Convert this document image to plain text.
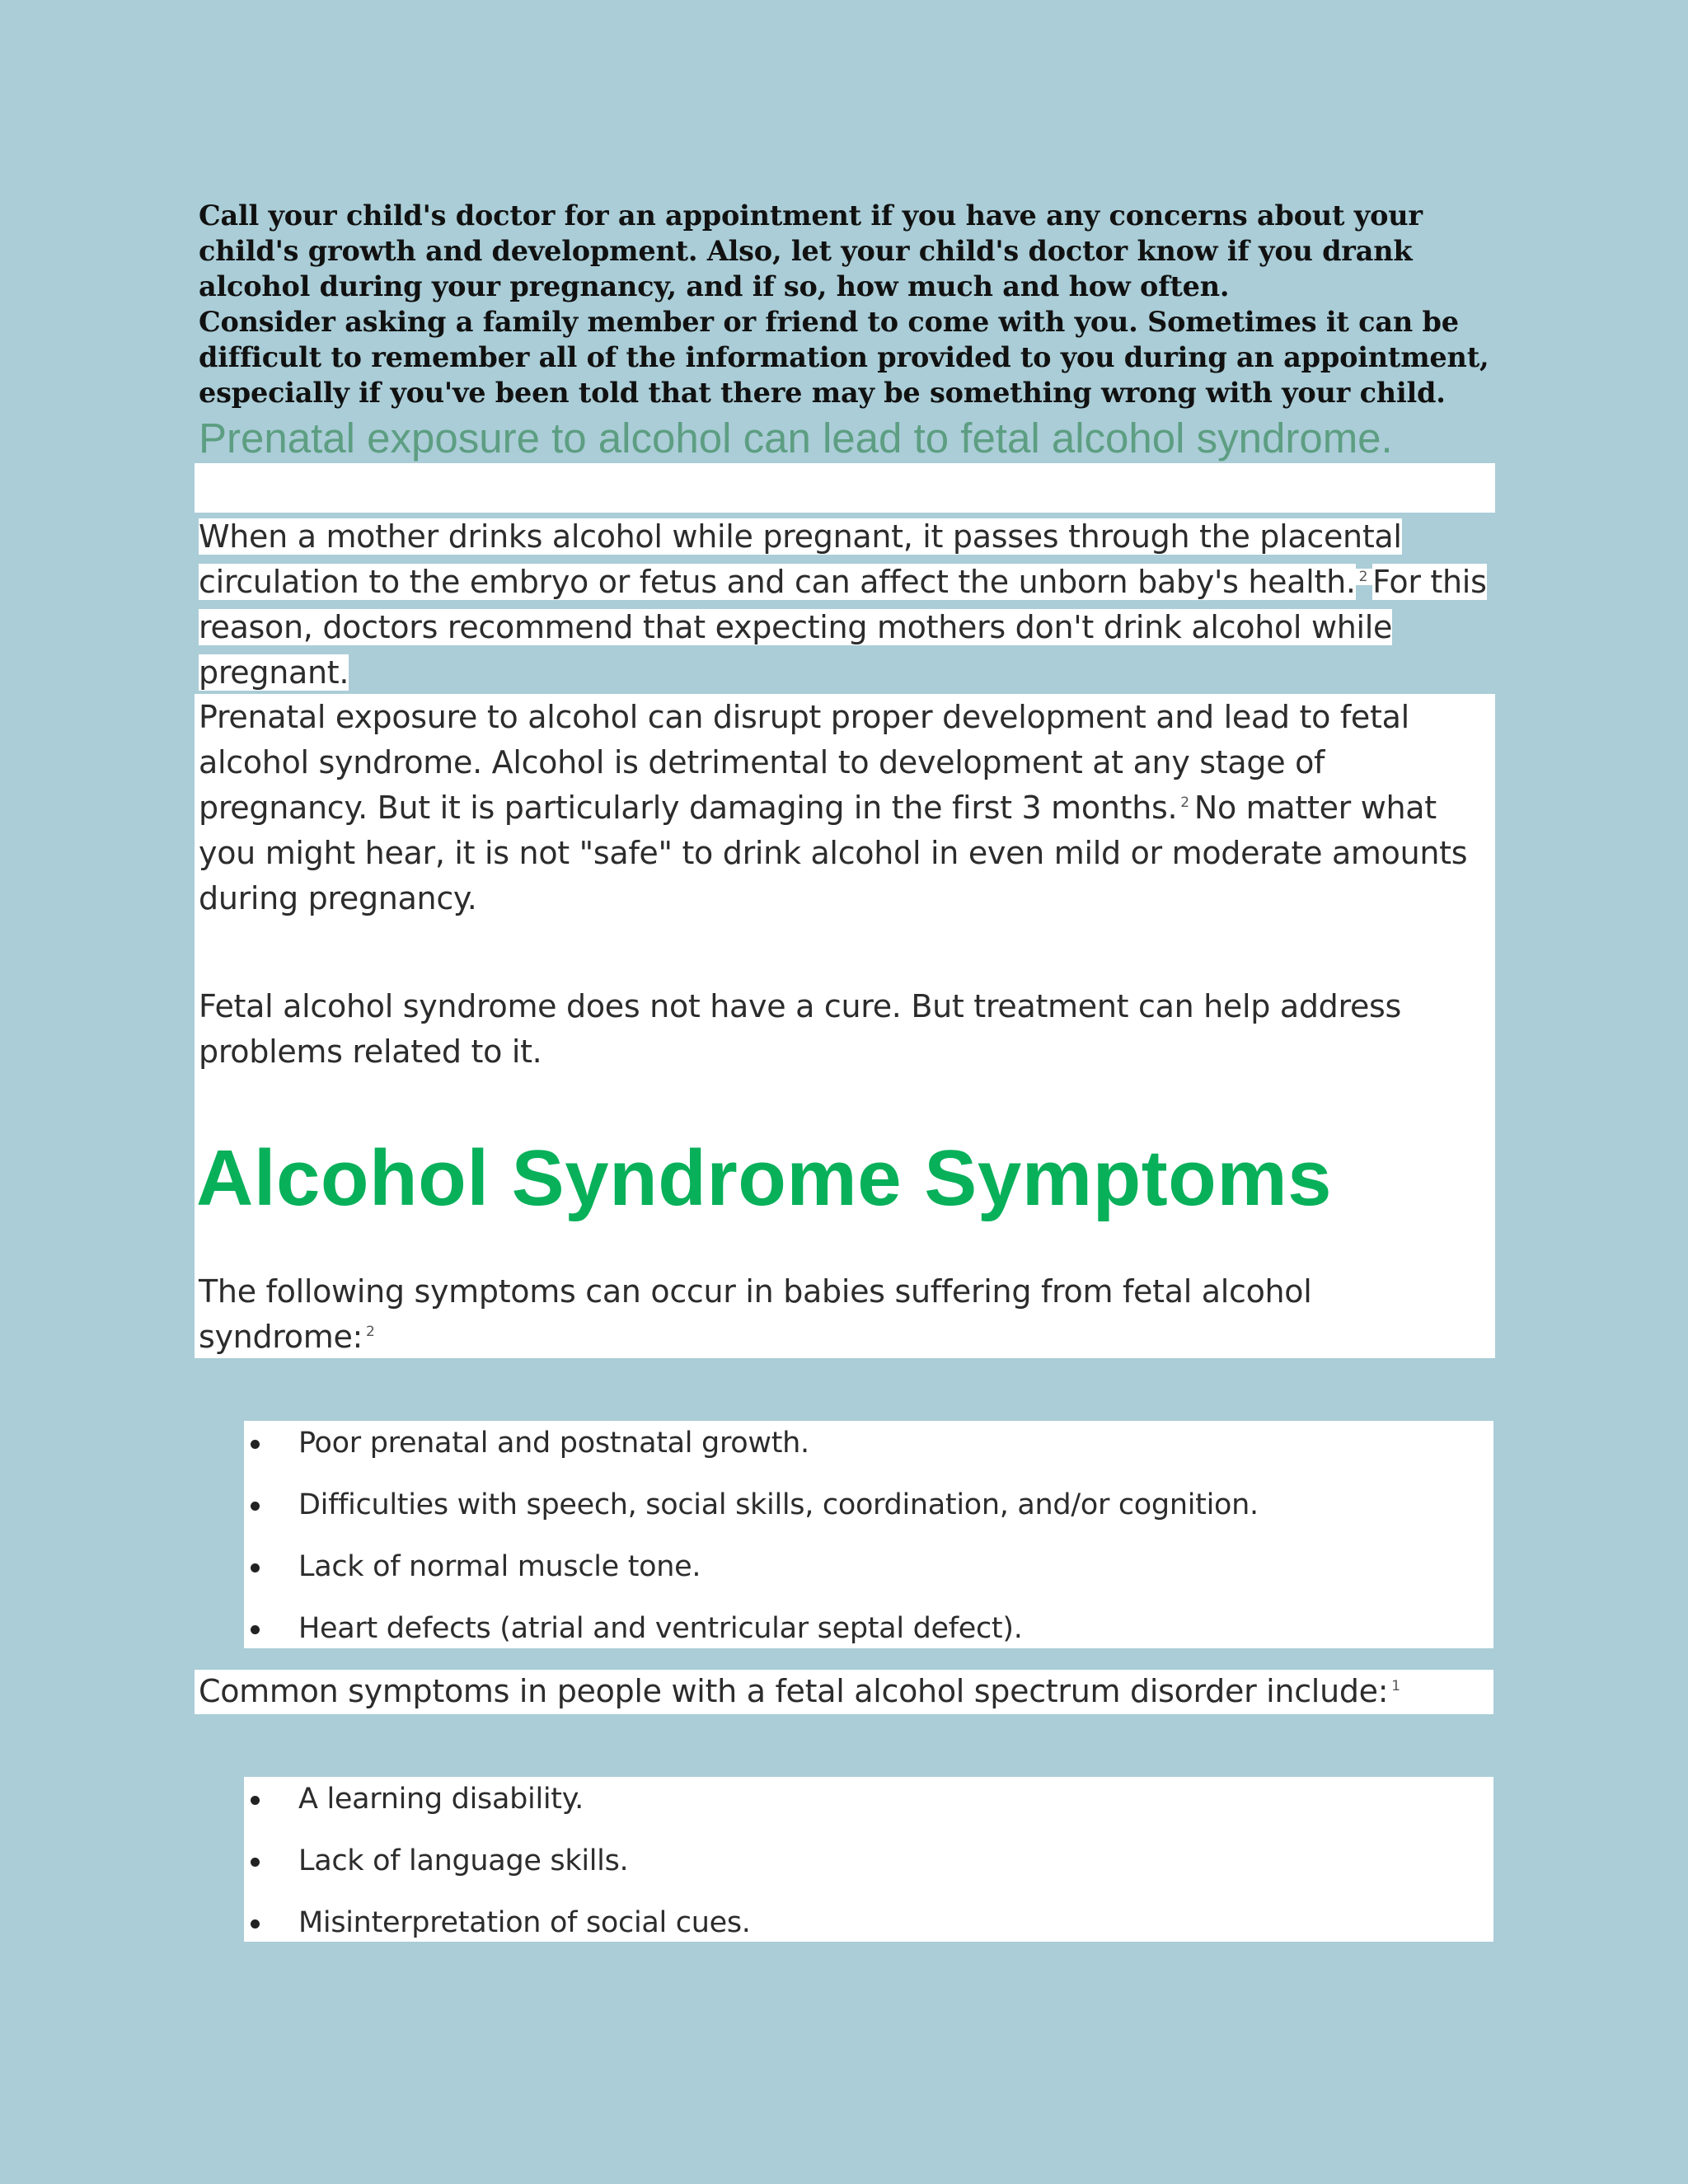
Call your child's doctor for an appointment if you have any concerns about your child's growth and development. Also, let your child's doctor know if you drank alcohol during your pregnancy, and if so, how much and how often.

Consider asking a family member or friend to come with you. Sometimes it can be difficult to remember all of the information provided to you during an appointment, especially if you've been told that there may be something wrong with your child.

Prenatal exposure to alcohol can lead to fetal alcohol syndrome.
When a mother drinks alcohol while pregnant, it passes through the placental circulation to the embryo or fetus and can affect the unborn baby's health. $^2$ For this reason, doctors recommend that expecting mothers don't drink alcohol while pregnant.
Prenatal exposure to alcohol can disrupt proper development and lead to fetal alcohol syndrome. Alcohol is detrimental to development at any stage of pregnancy. But it is particularly damaging in the first 3 months. $^2$ No matter what you might hear, it is not "safe" to drink alcohol in even mild or moderate amounts during pregnancy.
Fetal alcohol syndrome does not have a cure. But treatment can help address problems related to it.
Alcohol Syndrome Symptoms
The following symptoms can occur in babies suffering from fetal alcohol syndrome: $^2$
Poor prenatal and postnatal growth.
Difficulties with speech, social skills, coordination, and/or cognition.
Lack of normal muscle tone.
Heart defects (atrial and ventricular septal defect).
Common symptoms in people with a fetal alcohol spectrum disorder include: $^1$
A learning disability.
Lack of language skills.
Misinterpretation of social cues.
